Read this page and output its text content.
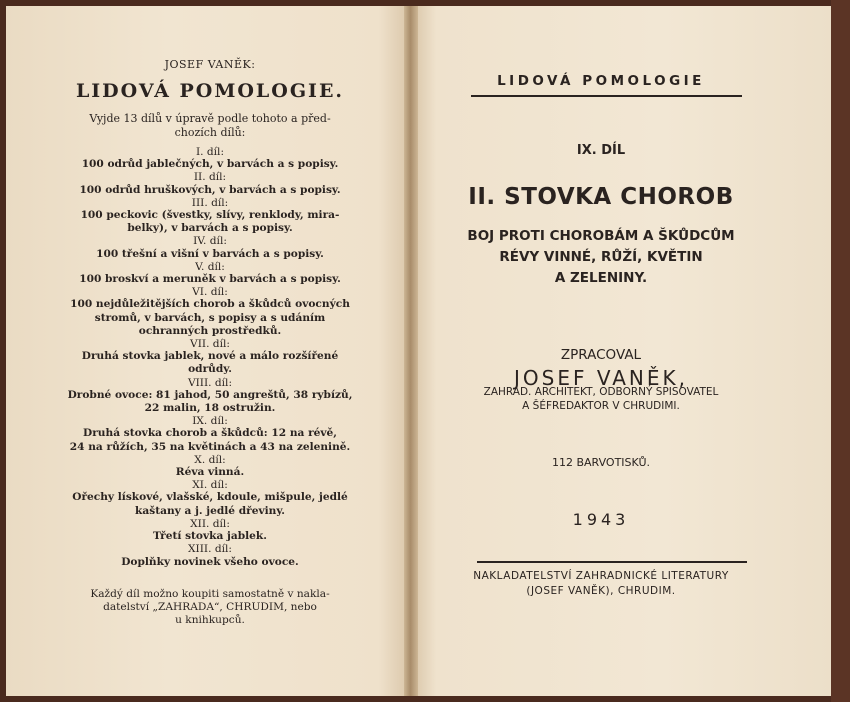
JOSEF VANĚK:
LIDOVÁ POMOLOGIE.
Vyjde 13 dílů v úpravě podle tohoto a před-
chozích dílů:
I. díl:
100 odrůd jablečných, v barvách a s popisy.
II. díl:
100 odrůd hruškových, v barvách a s popisy.
III. díl:
100 peckovic (švestky, slívy, renklody, mira-
belky), v barvách a s popisy.
IV. díl:
100 třešní a višní v barvách a s popisy.
V. díl:
100 broskví a meruněk v barvách a s popisy.
VI. díl:
100 nejdůležitějších chorob a škůdců ovocných
stromů, v barvách, s popisy a s udáním
ochranných prostředků.
VII. díl:
Druhá stovka jablek, nové a málo rozšířené
odrůdy.
VIII. díl:
Drobné ovoce: 81 jahod, 50 angreštů, 38 rybízů,
22 malin, 18 ostružin.
IX. díl:
Druhá stovka chorob a škůdců: 12 na révě,
24 na růžích, 35 na květinách a 43 na zelenině.
X. díl:
Réva vinná.
XI. díl:
Ořechy lískové, vlašské, kdoule, mišpule, jedlé
kaštany a j. jedlé dřeviny.
XII. díl:
Třetí stovka jablek.
XIII. díl:
Doplňky novinek všeho ovoce.
Každý díl možno koupiti samostatně v nakla-
datelství „ZAHRADA“, CHRUDIM, nebo
u knihkupců.
LIDOVÁ POMOLOGIE
IX. DÍL
II. STOVKA CHOROB
BOJ PROTI CHOROBÁM A ŠKŮDCŮM
RÉVY VINNÉ, RŮŽÍ, KVĚTIN
A ZELENINY.
ZPRACOVAL
JOSEF VANĚK,
ZAHRAD. ARCHITEKT, ODBORNÝ SPISOVATEL
A ŠÉFREDAKTOR V CHRUDIMI.
112 BARVOTISKŮ.
1943
NAKLADATELSTVÍ ZAHRADNICKÉ LITERATURY
(JOSEF VANĚK), CHRUDIM.
